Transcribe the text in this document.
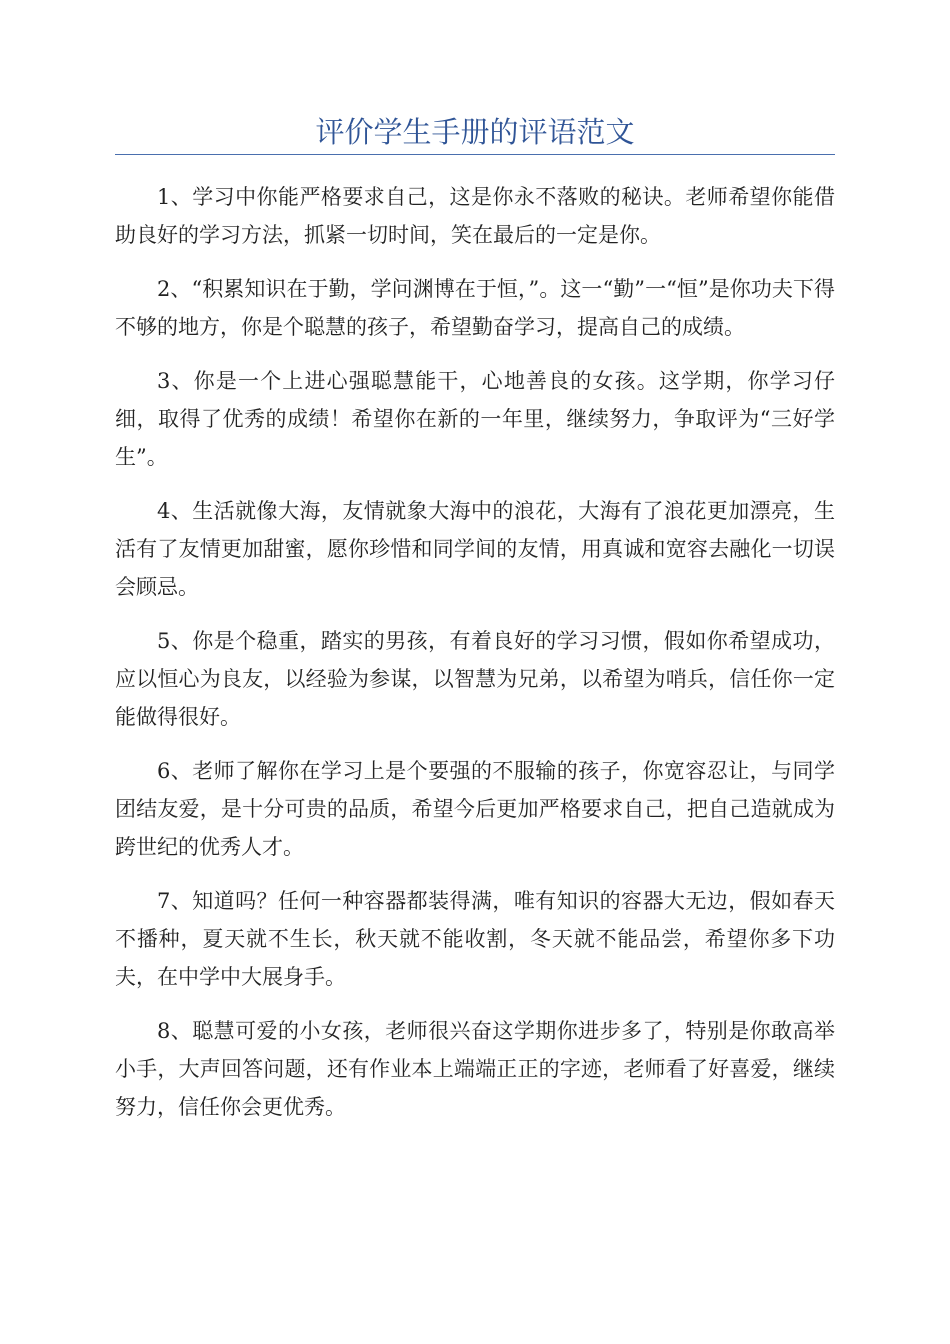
评价学生手册的评语范文

1、学习中你能严格要求自己，这是你永不落败的秘诀。老师希望你能借助良好的学习方法，抓紧一切时间，笑在最后的一定是你。

2、“积累知识在于勤，学问渊博在于恒，”。这一“勤”一“恒”是你功夫下得不够的地方，你是个聪慧的孩子，希望勤奋学习，提高自己的成绩。

3、你是一个上进心强聪慧能干，心地善良的女孩。这学期，你学习仔细，取得了优秀的成绩！希望你在新的一年里，继续努力，争取评为“三好学生”。

4、生活就像大海，友情就象大海中的浪花，大海有了浪花更加漂亮，生活有了友情更加甜蜜，愿你珍惜和同学间的友情，用真诚和宽容去融化一切误会顾忌。

5、你是个稳重，踏实的男孩，有着良好的学习习惯，假如你希望成功，应以恒心为良友，以经验为参谋，以智慧为兄弟，以希望为哨兵，信任你一定能做得很好。

6、老师了解你在学习上是个要强的不服输的孩子，你宽容忍让，与同学团结友爱，是十分可贵的品质，希望今后更加严格要求自己，把自己造就成为跨世纪的优秀人才。

7、知道吗？任何一种容器都装得满，唯有知识的容器大无边，假如春天不播种，夏天就不生长，秋天就不能收割，冬天就不能品尝，希望你多下功夫，在中学中大展身手。

8、聪慧可爱的小女孩，老师很兴奋这学期你进步多了，特别是你敢高举小手，大声回答问题，还有作业本上端端正正的字迹，老师看了好喜爱，继续努力，信任你会更优秀。
